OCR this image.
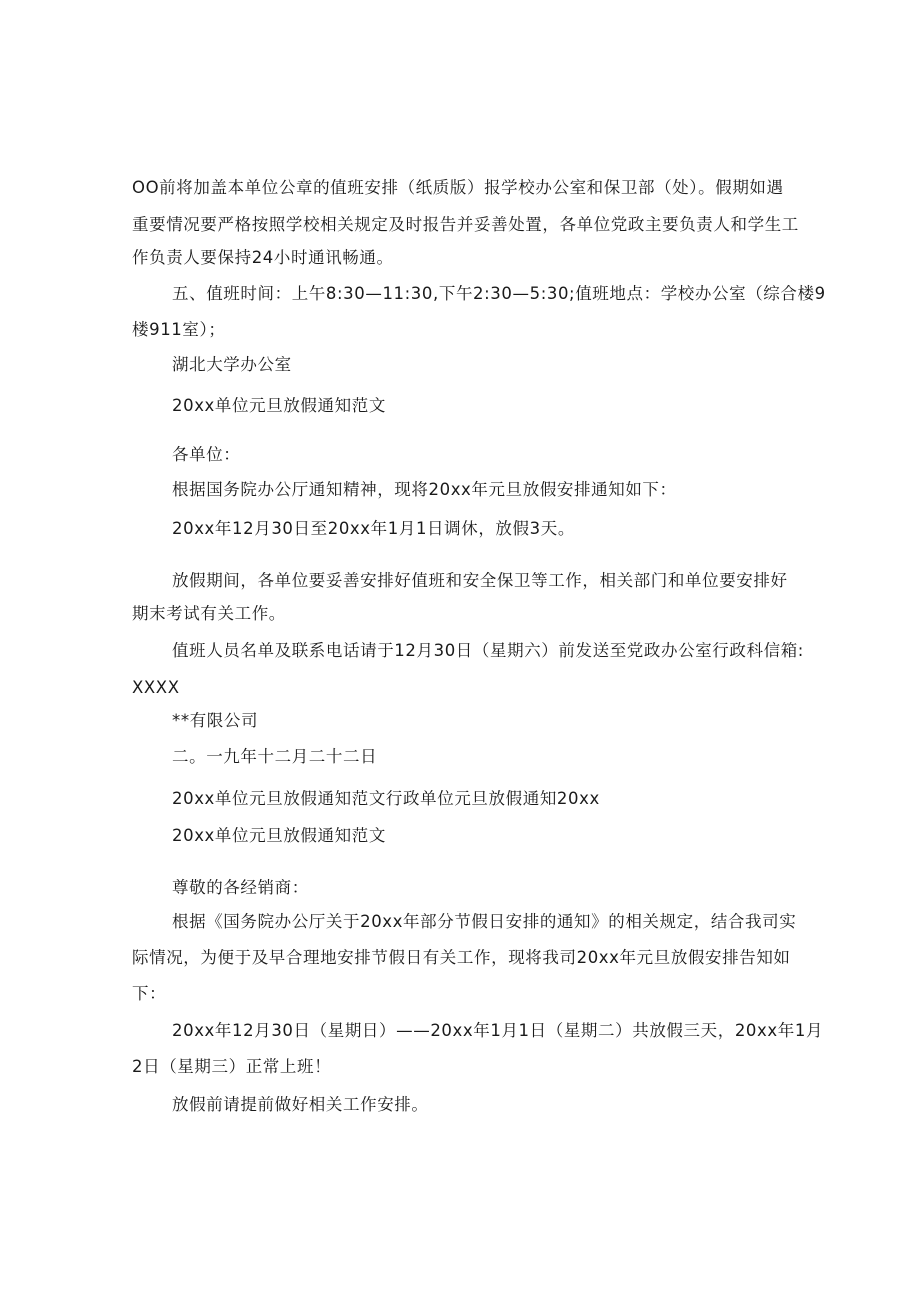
OO前将加盖本单位公章的值班安排（纸质版）报学校办公室和保卫部（处）。假期如遇
重要情况要严格按照学校相关规定及时报告并妥善处置，各单位党政主要负责人和学生工
作负责人要保持24小时通讯畅通。
五、值班时间：上午8:30—11:30,下午2:30—5:30;值班地点：学校办公室（综合楼9
楼911室）；
湖北大学办公室
20xx单位元旦放假通知范文
各单位：
根据国务院办公厅通知精神，现将20xx年元旦放假安排通知如下：
20xx年12月30日至20xx年1月1日调休，放假3天。
放假期间，各单位要妥善安排好值班和安全保卫等工作，相关部门和单位要安排好
期末考试有关工作。
值班人员名单及联系电话请于12月30日（星期六）前发送至党政办公室行政科信箱:
XXXX
**有限公司
二。一九年十二月二十二日
20xx单位元旦放假通知范文行政单位元旦放假通知20xx
20xx单位元旦放假通知范文
尊敬的各经销商：
根据《国务院办公厅关于20xx年部分节假日安排的通知》的相关规定，结合我司实
际情况，为便于及早合理地安排节假日有关工作，现将我司20xx年元旦放假安排告知如
下：
20xx年12月30日（星期日）——20xx年1月1日（星期二）共放假三天，20xx年1月
2日（星期三）正常上班！
放假前请提前做好相关工作安排。
